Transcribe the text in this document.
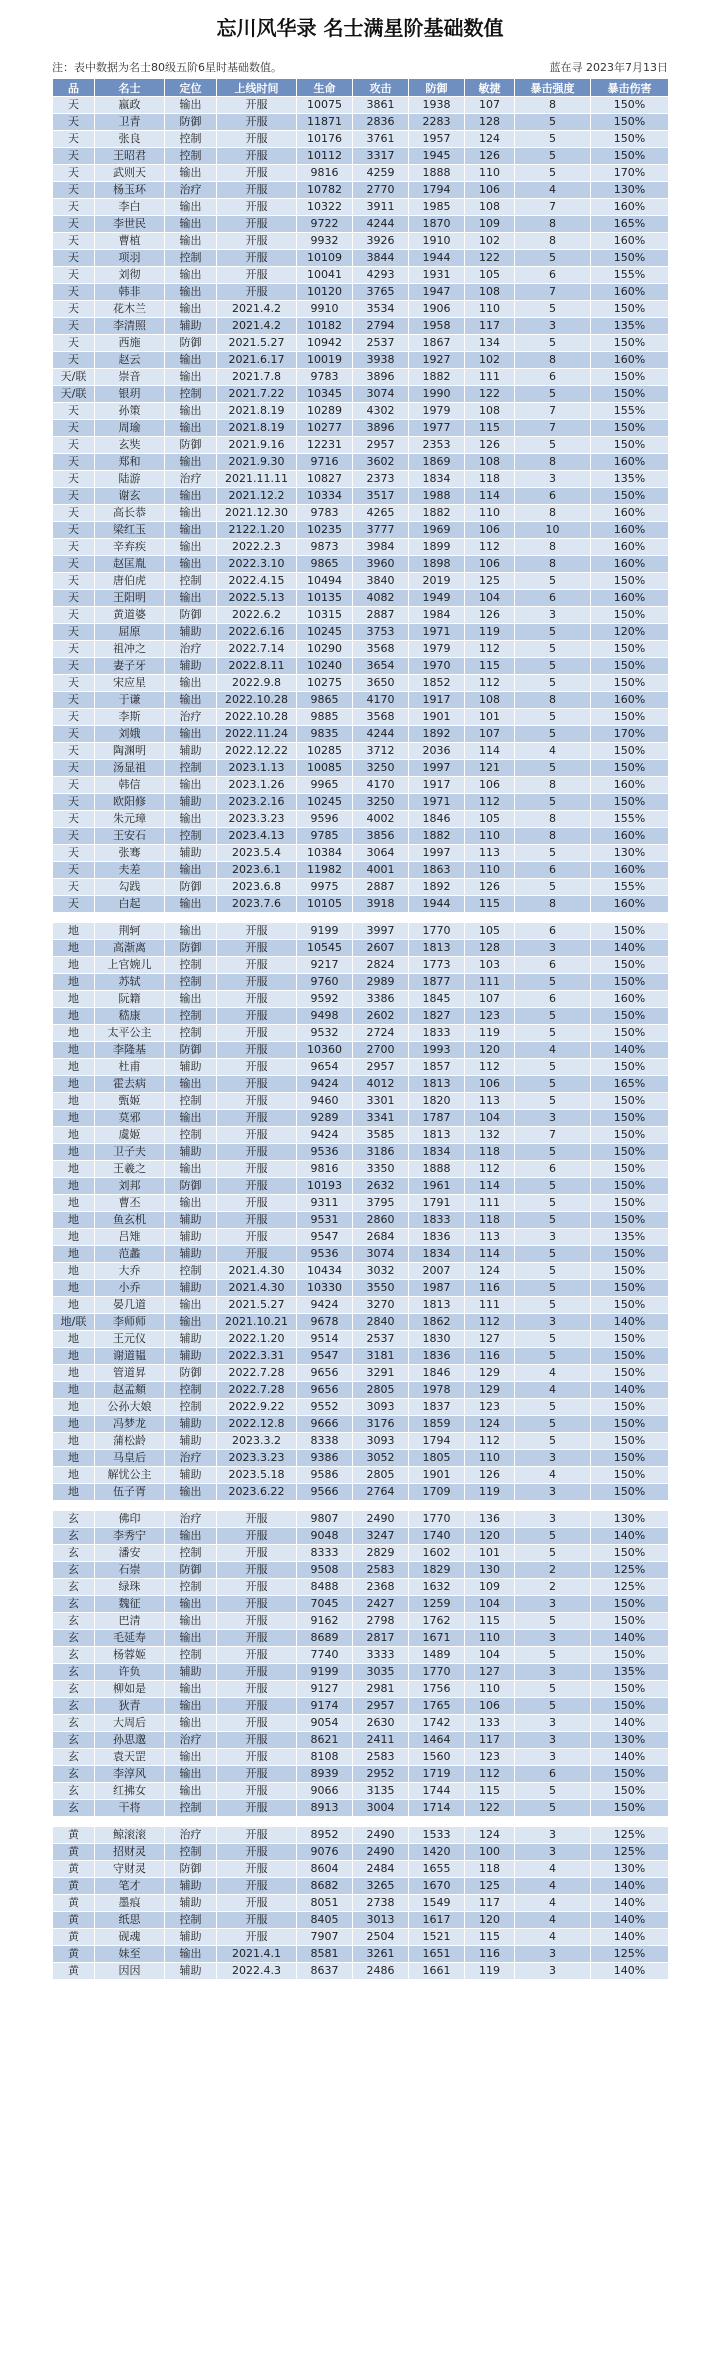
忘川风华录 名士满星阶基础数值
注：表中数据为名士80级五阶6星时基础数值。	蓝在寻 2023年7月13日
品	名士	定位	上线时间	生命	攻击	防御	敏捷	暴击强度	暴击伤害
天	嬴政	输出	开服	10075	3861	1938	107	8	150%
天	卫青	防御	开服	11871	2836	2283	128	5	150%
天	张良	控制	开服	10176	3761	1957	124	5	150%
天	王昭君	控制	开服	10112	3317	1945	126	5	150%
天	武则天	输出	开服	9816	4259	1888	110	5	170%
天	杨玉环	治疗	开服	10782	2770	1794	106	4	130%
天	李白	输出	开服	10322	3911	1985	108	7	160%
天	李世民	输出	开服	9722	4244	1870	109	8	165%
天	曹植	输出	开服	9932	3926	1910	102	8	160%
天	项羽	控制	开服	10109	3844	1944	122	5	150%
天	刘彻	输出	开服	10041	4293	1931	105	6	155%
天	韩非	输出	开服	10120	3765	1947	108	7	160%
天	花木兰	输出	2021.4.2	9910	3534	1906	110	5	150%
天	李清照	辅助	2021.4.2	10182	2794	1958	117	3	135%
天	西施	防御	2021.5.27	10942	2537	1867	134	5	150%
天	赵云	输出	2021.6.17	10019	3938	1927	102	8	160%
天/联	崇音	输出	2021.7.8	9783	3896	1882	111	6	150%
天/联	银玥	控制	2021.7.22	10345	3074	1990	122	5	150%
天	孙策	输出	2021.8.19	10289	4302	1979	108	7	155%
天	周瑜	输出	2021.8.19	10277	3896	1977	115	7	150%
天	玄奘	防御	2021.9.16	12231	2957	2353	126	5	150%
天	郑和	输出	2021.9.30	9716	3602	1869	108	8	160%
天	陆游	治疗	2021.11.11	10827	2373	1834	118	3	135%
天	谢玄	输出	2021.12.2	10334	3517	1988	114	6	150%
天	高长恭	输出	2021.12.30	9783	4265	1882	110	8	160%
天	梁红玉	输出	2122.1.20	10235	3777	1969	106	10	160%
天	辛弃疾	输出	2022.2.3	9873	3984	1899	112	8	160%
天	赵匡胤	输出	2022.3.10	9865	3960	1898	106	8	160%
天	唐伯虎	控制	2022.4.15	10494	3840	2019	125	5	150%
天	王阳明	输出	2022.5.13	10135	4082	1949	104	6	160%
天	黄道婆	防御	2022.6.2	10315	2887	1984	126	3	150%
天	屈原	辅助	2022.6.16	10245	3753	1971	119	5	120%
天	祖冲之	治疗	2022.7.14	10290	3568	1979	112	5	150%
天	妻子牙	辅助	2022.8.11	10240	3654	1970	115	5	150%
天	宋应星	输出	2022.9.8	10275	3650	1852	112	5	150%
天	于谦	输出	2022.10.28	9865	4170	1917	108	8	160%
天	李斯	治疗	2022.10.28	9885	3568	1901	101	5	150%
天	刘娥	输出	2022.11.24	9835	4244	1892	107	5	170%
天	陶渊明	辅助	2022.12.22	10285	3712	2036	114	4	150%
天	汤显祖	控制	2023.1.13	10085	3250	1997	121	5	150%
天	韩信	输出	2023.1.26	9965	4170	1917	106	8	160%
天	欧阳修	辅助	2023.2.16	10245	3250	1971	112	5	150%
天	朱元璋	输出	2023.3.23	9596	4002	1846	105	8	155%
天	王安石	控制	2023.4.13	9785	3856	1882	110	8	160%
天	张骞	辅助	2023.5.4	10384	3064	1997	113	5	130%
天	夫差	输出	2023.6.1	11982	4001	1863	110	6	160%
天	勾践	防御	2023.6.8	9975	2887	1892	126	5	155%
天	白起	输出	2023.7.6	10105	3918	1944	115	8	160%

地	荆轲	输出	开服	9199	3997	1770	105	6	150%
地	高渐离	防御	开服	10545	2607	1813	128	3	140%
地	上官婉儿	控制	开服	9217	2824	1773	103	6	150%
地	苏轼	控制	开服	9760	2989	1877	111	5	150%
地	阮籍	输出	开服	9592	3386	1845	107	6	160%
地	嵇康	控制	开服	9498	2602	1827	123	5	150%
地	太平公主	控制	开服	9532	2724	1833	119	5	150%
地	李隆基	防御	开服	10360	2700	1993	120	4	140%
地	杜甫	辅助	开服	9654	2957	1857	112	5	150%
地	霍去病	输出	开服	9424	4012	1813	106	5	165%
地	甄姬	控制	开服	9460	3301	1820	113	5	150%
地	莫邪	输出	开服	9289	3341	1787	104	3	150%
地	虞姬	控制	开服	9424	3585	1813	132	7	150%
地	卫子夫	辅助	开服	9536	3186	1834	118	5	150%
地	王羲之	输出	开服	9816	3350	1888	112	6	150%
地	刘邦	防御	开服	10193	2632	1961	114	5	150%
地	曹丕	输出	开服	9311	3795	1791	111	5	150%
地	鱼玄机	辅助	开服	9531	2860	1833	118	5	150%
地	吕雉	辅助	开服	9547	2684	1836	113	3	135%
地	范蠡	辅助	开服	9536	3074	1834	114	5	150%
地	大乔	控制	2021.4.30	10434	3032	2007	124	5	150%
地	小乔	辅助	2021.4.30	10330	3550	1987	116	5	150%
地	晏几道	输出	2021.5.27	9424	3270	1813	111	5	150%
地/联	李师师	输出	2021.10.21	9678	2840	1862	112	3	140%
地	王元仪	辅助	2022.1.20	9514	2537	1830	127	5	150%
地	谢道韫	辅助	2022.3.31	9547	3181	1836	116	5	150%
地	管道昇	防御	2022.7.28	9656	3291	1846	129	4	150%
地	赵孟頫	控制	2022.7.28	9656	2805	1978	129	4	140%
地	公孙大娘	控制	2022.9.22	9552	3093	1837	123	5	150%
地	冯梦龙	辅助	2022.12.8	9666	3176	1859	124	5	150%
地	蒲松龄	辅助	2023.3.2	8338	3093	1794	112	5	150%
地	马皇后	治疗	2023.3.23	9386	3052	1805	110	3	150%
地	解忧公主	辅助	2023.5.18	9586	2805	1901	126	4	150%
地	伍子胥	输出	2023.6.22	9566	2764	1709	119	3	150%

玄	佛印	治疗	开服	9807	2490	1770	136	3	130%
玄	李秀宁	输出	开服	9048	3247	1740	120	5	140%
玄	潘安	控制	开服	8333	2829	1602	101	5	150%
玄	石崇	防御	开服	9508	2583	1829	130	2	125%
玄	绿珠	控制	开服	8488	2368	1632	109	2	125%
玄	魏征	输出	开服	7045	2427	1259	104	3	150%
玄	巴清	输出	开服	9162	2798	1762	115	5	150%
玄	毛延寿	输出	开服	8689	2817	1671	110	3	140%
玄	杨蓉姬	控制	开服	7740	3333	1489	104	5	150%
玄	许负	辅助	开服	9199	3035	1770	127	3	135%
玄	柳如是	输出	开服	9127	2981	1756	110	5	150%
玄	狄青	输出	开服	9174	2957	1765	106	5	150%
玄	大周后	输出	开服	9054	2630	1742	133	3	140%
玄	孙思邈	治疗	开服	8621	2411	1464	117	3	130%
玄	袁天罡	输出	开服	8108	2583	1560	123	3	140%
玄	李淳风	输出	开服	8939	2952	1719	112	6	150%
玄	红拂女	输出	开服	9066	3135	1744	115	5	150%
玄	干将	控制	开服	8913	3004	1714	122	5	150%

黄	鲸滚滚	治疗	开服	8952	2490	1533	124	3	125%
黄	招财灵	控制	开服	9076	2490	1420	100	3	125%
黄	守财灵	防御	开服	8604	2484	1655	118	4	130%
黄	笔才	辅助	开服	8682	3265	1670	125	4	140%
黄	墨痕	辅助	开服	8051	2738	1549	117	4	140%
黄	纸思	控制	开服	8405	3013	1617	120	4	140%
黄	砚魂	辅助	开服	7907	2504	1521	115	4	140%
黄	妹至	输出	2021.4.1	8581	3261	1651	116	3	125%
黄	因因	辅助	2022.4.3	8637	2486	1661	119	3	140%
